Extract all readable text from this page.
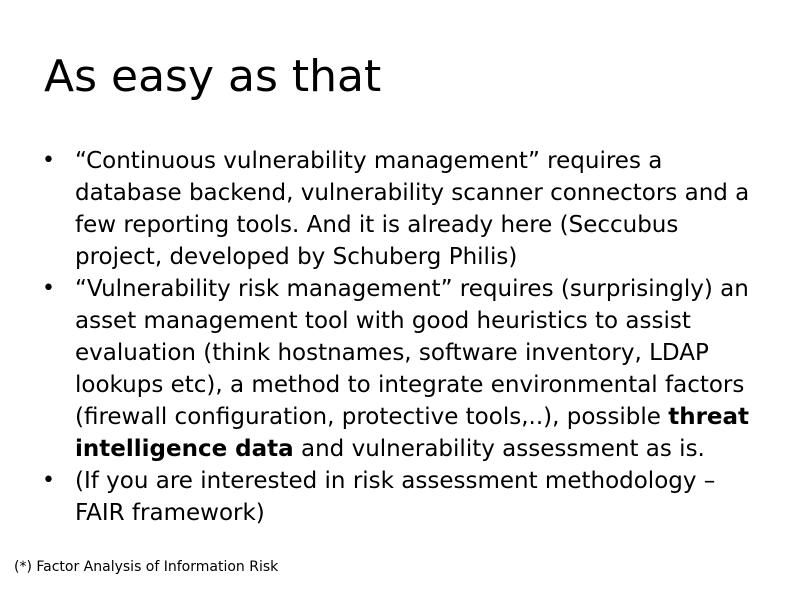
As easy as that
• “Continuous vulnerability management” requires a database backend, vulnerability scanner connectors and a few reporting tools. And it is already here (Seccubus project, developed by Schuberg Philis)
• “Vulnerability risk management” requires (surprisingly) an asset management tool with good heuristics to assist evaluation (think hostnames, software inventory, LDAP lookups etc), a method to integrate environmental factors (firewall configuration, protective tools,..), possible threat intelligence data and vulnerability assessment as is.
• (If you are interested in risk assessment methodology – FAIR framework)
(*) Factor Analysis of Information Risk
